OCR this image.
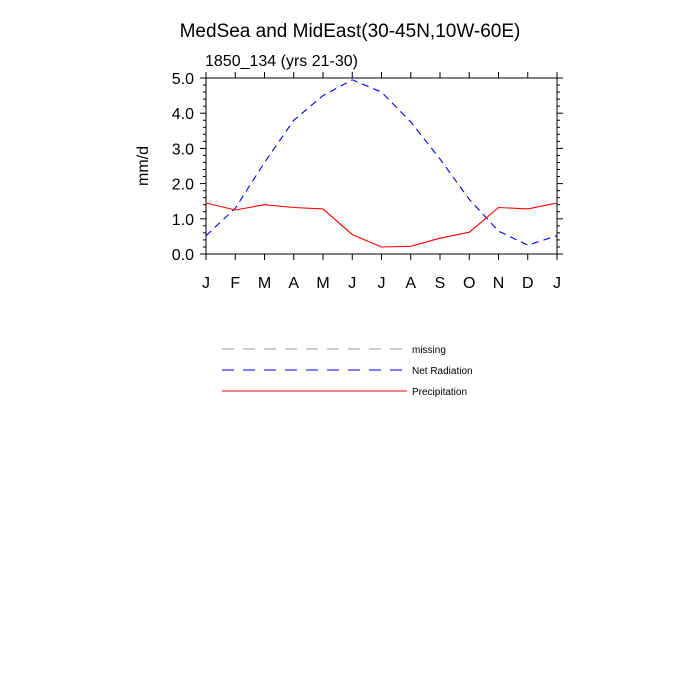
MedSea and MidEast(30-45N,10W-60E)
1850_134 (yrs 21-30)
mm/d
0.0
1.0
2.0
3.0
4.0
5.0
J F M A M J J A S O N D J
missing
Net Radiation
Precipitation
